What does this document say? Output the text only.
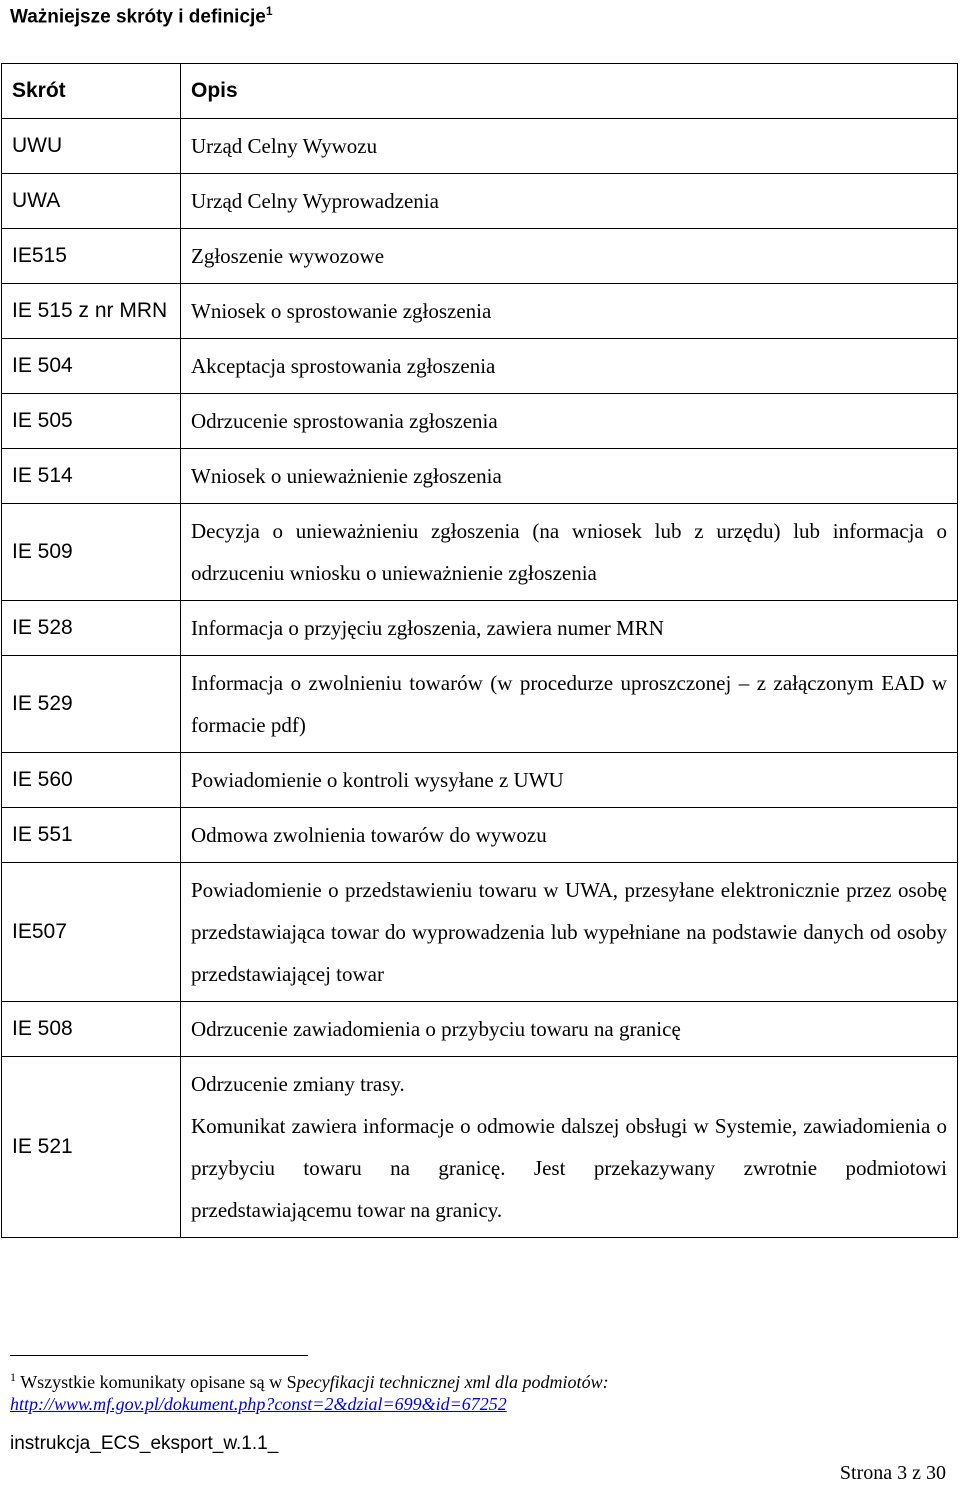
Ważniejsze skróty i definicje$^1$
Skrót	Opis
UWU	Urząd Celny Wywozu
UWA	Urząd Celny Wyprowadzenia
IE515	Zgłoszenie wywozowe
IE 515 z nr MRN	Wniosek o sprostowanie zgłoszenia
IE 504	Akceptacja sprostowania zgłoszenia
IE 505	Odrzucenie sprostowania zgłoszenia
IE 514	Wniosek o unieważnienie zgłoszenia
IE 509	Decyzja o unieważnieniu zgłoszenia (na wniosek lub z urzędu) lub informacja o odrzuceniu wniosku o unieważnienie zgłoszenia
IE 528	Informacja o przyjęciu zgłoszenia, zawiera numer MRN
IE 529	Informacja o zwolnieniu towarów (w procedurze uproszczonej – z załączonym EAD w formacie pdf)
IE 560	Powiadomienie o kontroli wysyłane z UWU
IE 551	Odmowa zwolnienia towarów do wywozu
IE507	Powiadomienie o przedstawieniu towaru w UWA, przesyłane elektronicznie przez osobę przedstawiająca towar do wyprowadzenia lub wypełniane na podstawie danych od osoby przedstawiającej towar
IE 508	Odrzucenie zawiadomienia o przybyciu towaru na granicę
IE 521	Odrzucenie zmiany trasy.
Komunikat zawiera informacje o odmowie dalszej obsługi w Systemie, zawiadomienia o przybyciu towaru na granicę. Jest przekazywany zwrotnie podmiotowi przedstawiającemu towar na granicy.
$^1$ Wszystkie komunikaty opisane są w Specyfikacji technicznej xml dla podmiotów:
http://www.mf.gov.pl/dokument.php?const=2&dzial=699&id=67252
instrukcja_ECS_eksport_w.1.1_
Strona 3 z 30
